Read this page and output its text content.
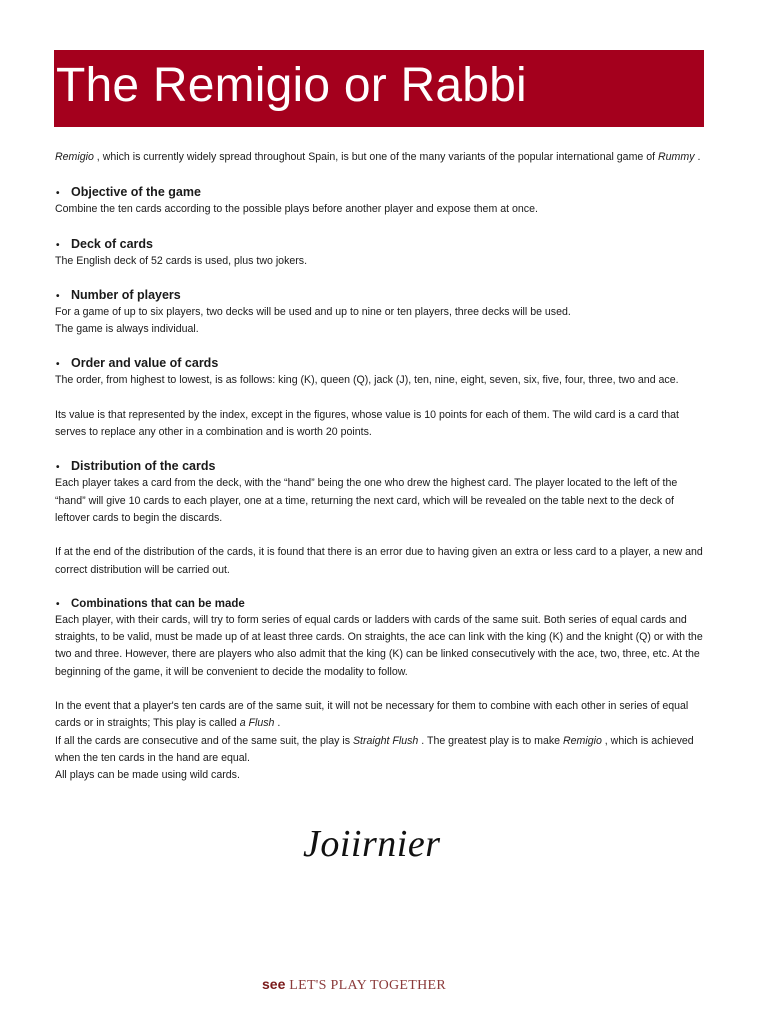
The Remigio or Rabbi

Remigio , which is currently widely spread throughout Spain, is but one of the many variants of the popular international game of Rummy .

• Objective of the game

Combine the ten cards according to the possible plays before another player and expose them at once.

• Deck of cards

The English deck of 52 cards is used, plus two jokers.

• Number of players

For a game of up to six players, two decks will be used and up to nine or ten players, three decks will be used.

The game is always individual.

• Order and value of cards

The order, from highest to lowest, is as follows: king (K), queen (Q), jack (J), ten, nine, eight, seven, six, five, four, three, two and ace.

Its value is that represented by the index, except in the figures, whose value is 10 points for each of them. The wild card is a card that serves to replace any other in a combination and is worth 20 points.

• Distribution of the cards

Each player takes a card from the deck, with the “hand” being the one who drew the highest card. The player located to the left of the “hand” will give 10 cards to each player, one at a time, returning the next card, which will be revealed on the table next to the deck of leftover cards to begin the discards.

If at the end of the distribution of the cards, it is found that there is an error due to having given an extra or less card to a player, a new and correct distribution will be carried out.

• Combinations that can be made

Each player, with their cards, will try to form series of equal cards or ladders with cards of the same suit. Both series of equal cards and straights, to be valid, must be made up of at least three cards. On straights, the ace can link with the king (K) and the knight (Q) or with the two and three. However, there are players who also admit that the king (K) can be linked consecutively with the ace, two, three, etc. At the beginning of the game, it will be convenient to decide the modality to follow.

In the event that a player's ten cards are of the same suit, it will not be necessary for them to combine with each other in series of equal cards or in straights; This play is called a Flush .

If all the cards are consecutive and of the same suit, the play is Straight Flush . The greatest play is to make Remigio , which is achieved when the ten cards in the hand are equal.

All plays can be made using wild cards.

Joiirnier
see LET'S PLAY TOGETHER
